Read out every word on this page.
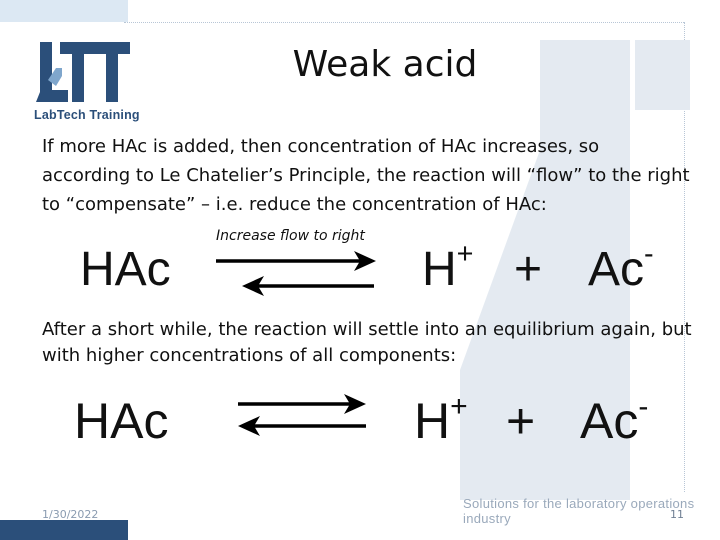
LabTech Training
Weak acid

If more HAc is added, then concentration of HAc increases, so according to Le Chatelier’s Principle, the reaction will “flow” to the right to “compensate” – i.e. reduce the concentration of HAc:

HAc
Increase flow to right
H+ + Ac-

After a short while, the reaction will settle into an equilibrium again, but with higher concentrations of all components:

HAc	H+ + Ac-
1/30/2022
Solutions for the laboratory operations industry	11
